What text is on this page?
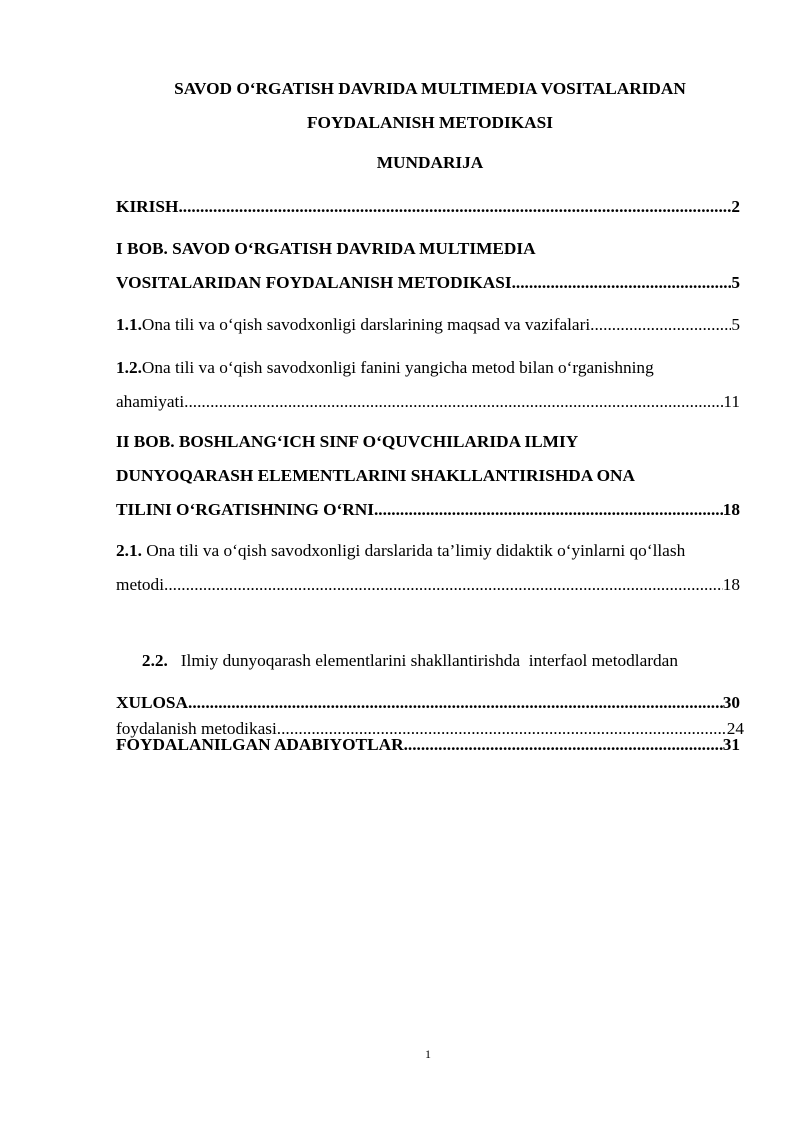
SAVOD O‘RGATISH DAVRIDA MULTIMEDIA VOSITALARIDAN
FOYDALANISH METODIKASI
MUNDARIJA
KIRISH .....	2
I BOB. SAVOD O‘RGATISH DAVRIDA MULTIMEDIA
VOSITALARIDAN FOYDALANISH METODIKASI .....	5
1.1.Ona tili va o‘qish savodxonligi darslarining maqsad va vazifalari .....	5
1.2.Ona tili va o‘qish savodxonligi fanini yangicha metod bilan o‘rganishning
ahamiyati .....	11
II BOB. BOSHLANG‘ICH SINF O‘QUVCHILARIDA ILMIY
DUNYOQARASH ELEMENTLARINI SHAKLLANTIRISHDA ONA
TILINI O‘RGATISHNING O‘RNI .....	18
2.1. Ona tili va o‘qish savodxonligi darslarida ta’limiy didaktik o‘yinlarni qo‘llash
metodi .....	18

2.2.   Ilmiy dunyoqarash elementlarini shakllantirishda  interfaol metodlardan

foydalanish metodikasi .....	24
XULOSA .....	30
FOYDALANILGAN ADABIYOTLAR .....	31
1
